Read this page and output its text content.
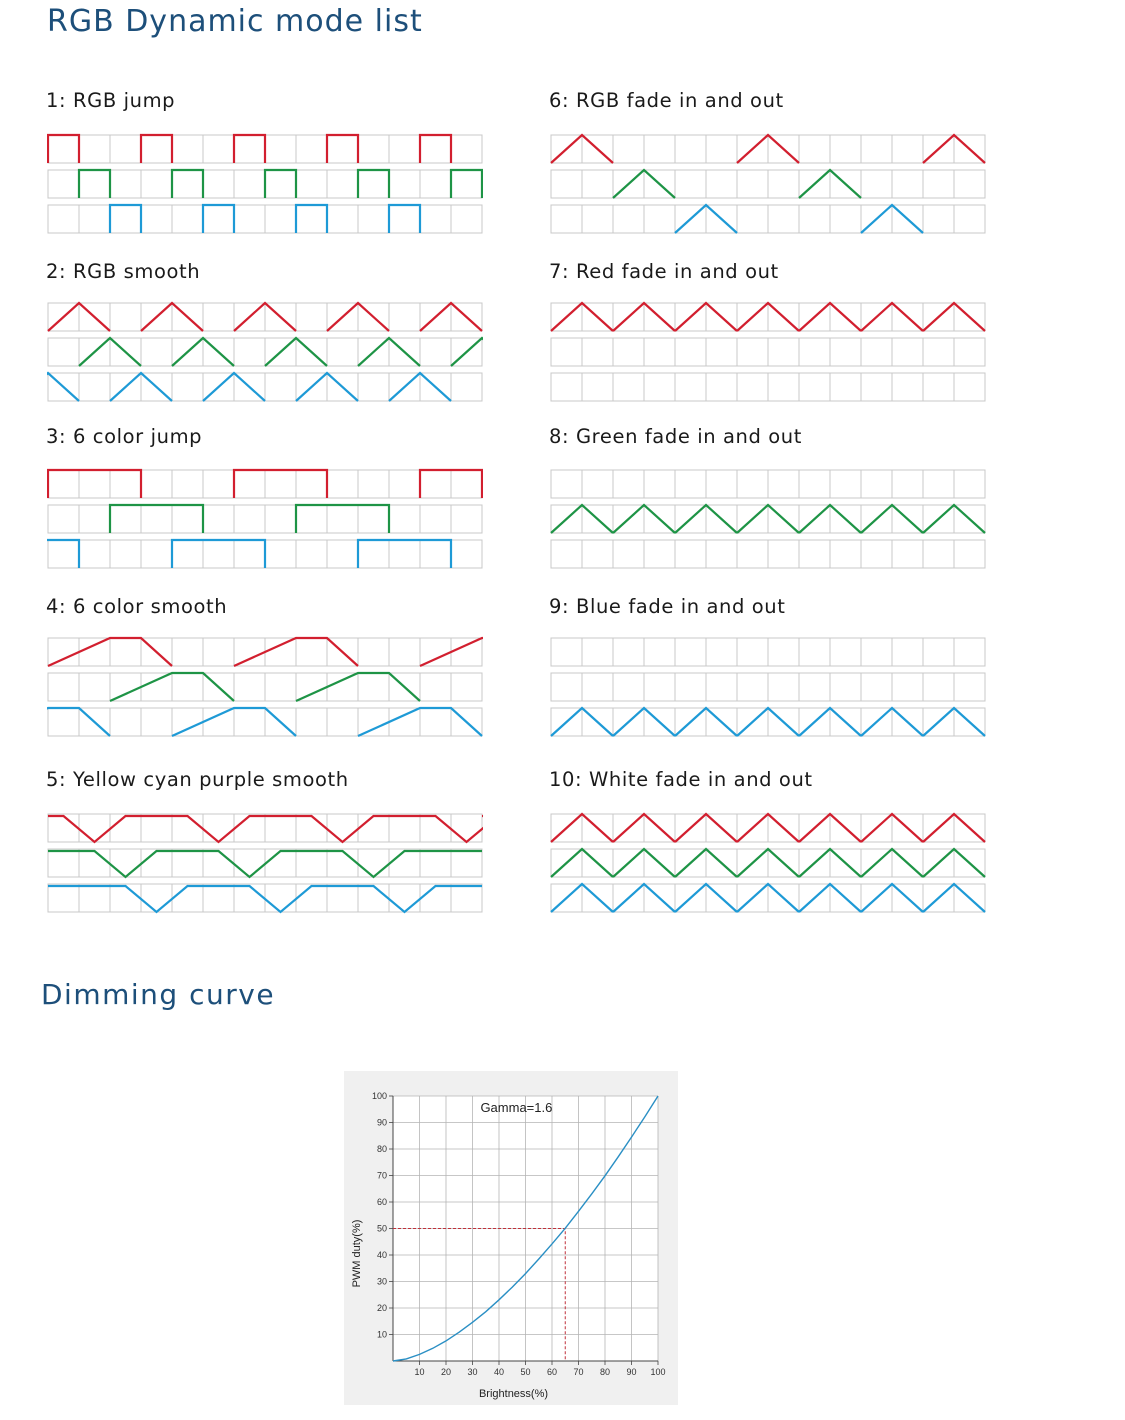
RGB Dynamic mode list
1: RGB jump
2: RGB smooth
3: 6 color jump
4: 6 color smooth
5: Yellow cyan purple smooth
6: RGB fade in and out
7: Red fade in and out
8: Green fade in and out
9: Blue fade in and out
10: White fade in and out
Dimming curve
10 20 30 40 50 60 70 80 90 100
10
20
30
40
50
60
70
80
90
100
Gamma=1.6
Brightness(%)
PWM duty(%)
